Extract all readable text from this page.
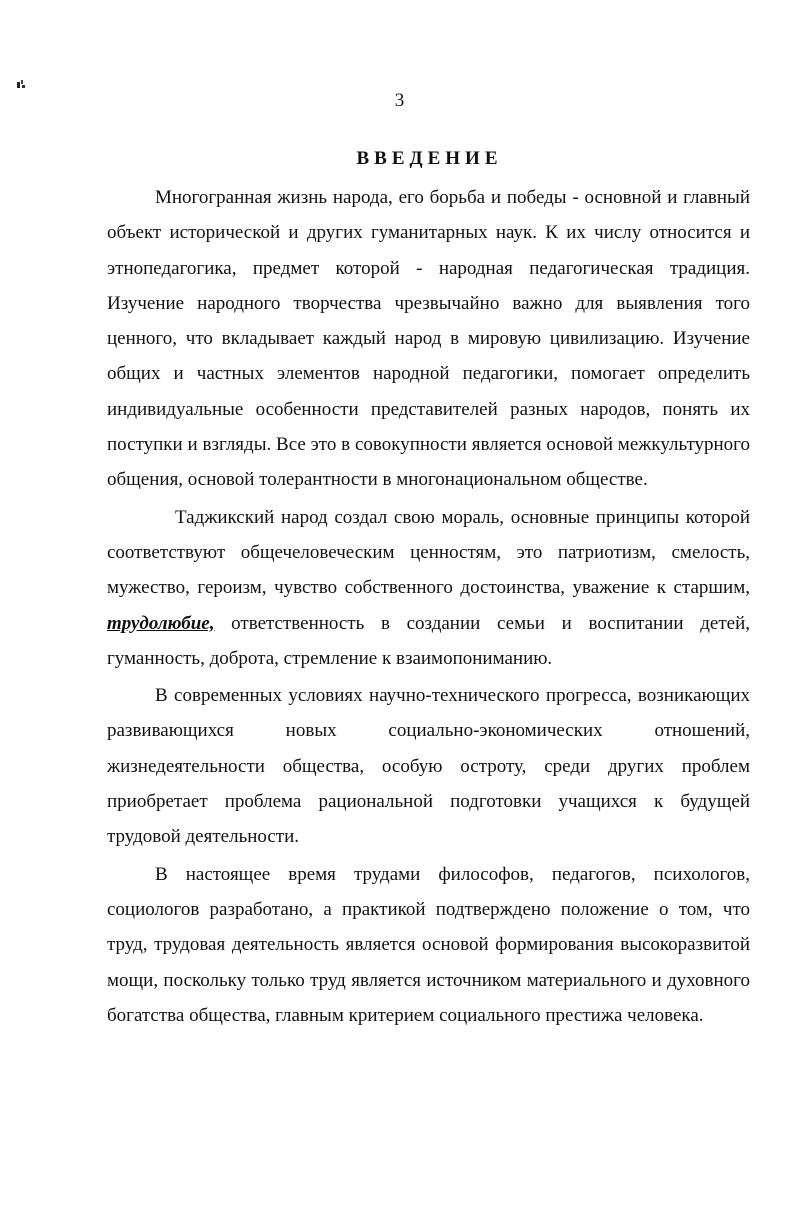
3
ВВЕДЕНИЕ

Многогранная жизнь народа, его борьба и победы - основной и главный объект исторической и других гуманитарных наук. К их числу относится и этнопедагогика, предмет которой - народная педагогическая традиция. Изучение народного творчества чрезвычайно важно для выявления того ценного, что вкладывает каждый народ в мировую цивилизацию. Изучение общих и частных элементов народной педагогики, помогает определить индивидуальные особенности представителей разных народов, понять их поступки и взгляды. Все это в совокупности является основой межкультурного общения, основой толерантности в многонациональном обществе.

Таджикский народ создал свою мораль, основные принципы которой соответствуют общечеловеческим ценностям, это патриотизм, смелость, мужество, героизм, чувство собственного достоинства, уважение к старшим, трудолюбие, ответственность в создании семьи и воспитании детей, гуманность, доброта, стремление к взаимопониманию.

В современных условиях научно-технического прогресса, возникающих развивающихся новых социально-экономических отношений, жизнедеятельности общества, особую остроту, среди других проблем приобретает проблема рациональной подготовки учащихся к будущей трудовой деятельности.

В настоящее время трудами философов, педагогов, психологов, социологов разработано, а практикой подтверждено положение о том, что труд, трудовая деятельность является основой формирования высокоразвитой мощи, поскольку только труд является источником материального и духовного богатства общества, главным критерием социального престижа человека.
